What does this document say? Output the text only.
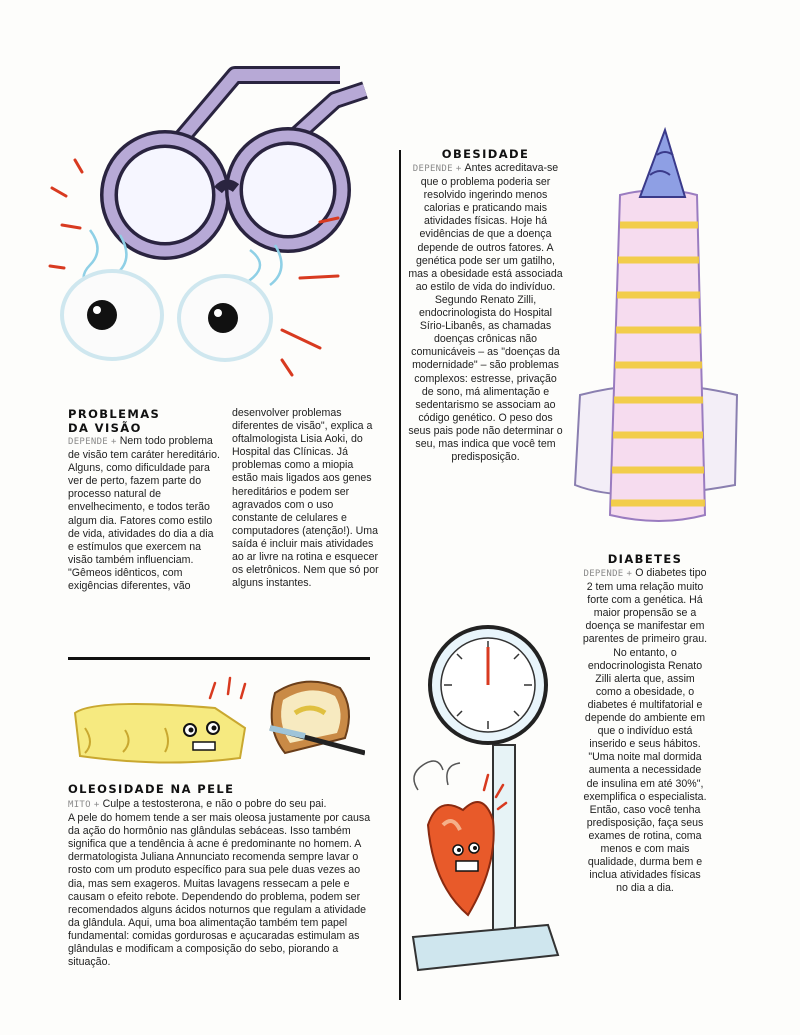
PROBLEMAS
DA VISÃO

DEPENDE + Nem todo problema de visão tem caráter hereditário. Alguns, como dificuldade para ver de perto, fazem parte do processo natural de envelhecimento, e todos terão algum dia. Fatores como estilo de vida, atividades do dia a dia e estímulos que exercem na visão também influenciam. "Gêmeos idênticos, com exigências diferentes, vão

desenvolver problemas diferentes de visão", explica a oftalmologista Lisia Aoki, do Hospital das Clínicas. Já problemas como a miopia estão mais ligados aos genes hereditários e podem ser agravados com o uso constante de celulares e computadores (atenção!). Uma saída é incluir mais atividades ao ar livre na rotina e esquecer os eletrônicos. Nem que só por alguns instantes.

OBESIDADE

DEPENDE + Antes acreditava-se que o problema poderia ser resolvido ingerindo menos calorias e praticando mais atividades físicas. Hoje há evidências de que a doença depende de outros fatores. A genética pode ser um gatilho, mas a obesidade está associada ao estilo de vida do indivíduo. Segundo Renato Zilli, endocrinologista do Hospital Sírio-Libanês, as chamadas doenças crônicas não comunicáveis – as "doenças da modernidade" – são problemas complexos: estresse, privação de sono, má alimentação e sedentarismo se associam ao código genético. O peso dos seus pais pode não determinar o seu, mas indica que você tem predisposição.

DIABETES

DEPENDE + O diabetes tipo 2 tem uma relação muito forte com a genética. Há maior propensão se a doença se manifestar em parentes de primeiro grau. No entanto, o endocrinologista Renato Zilli alerta que, assim como a obesidade, o diabetes é multifatorial e depende do ambiente em que o indivíduo está inserido e seus hábitos. "Uma noite mal dormida aumenta a necessidade de insulina em até 30%", exemplifica o especialista. Então, caso você tenha predisposição, faça seus exames de rotina, coma menos e com mais qualidade, durma bem e inclua atividades físicas no dia a dia.

OLEOSIDADE NA PELE

MITO + Culpe a testosterona, e não o pobre do seu pai.

A pele do homem tende a ser mais oleosa justamente por causa da ação do hormônio nas glândulas sebáceas. Isso também significa que a tendência à acne é predominante no homem. A dermatologista Juliana Annunciato recomenda sempre lavar o rosto com um produto específico para sua pele duas vezes ao dia, mas sem exageros. Muitas lavagens ressecam a pele e causam o efeito rebote. Dependendo do problema, podem ser recomendados alguns ácidos noturnos que regulam a atividade da glândula. Aqui, uma boa alimentação também tem papel fundamental: comidas gordurosas e açucaradas estimulam as glândulas e modificam a composição do sebo, piorando a situação.
